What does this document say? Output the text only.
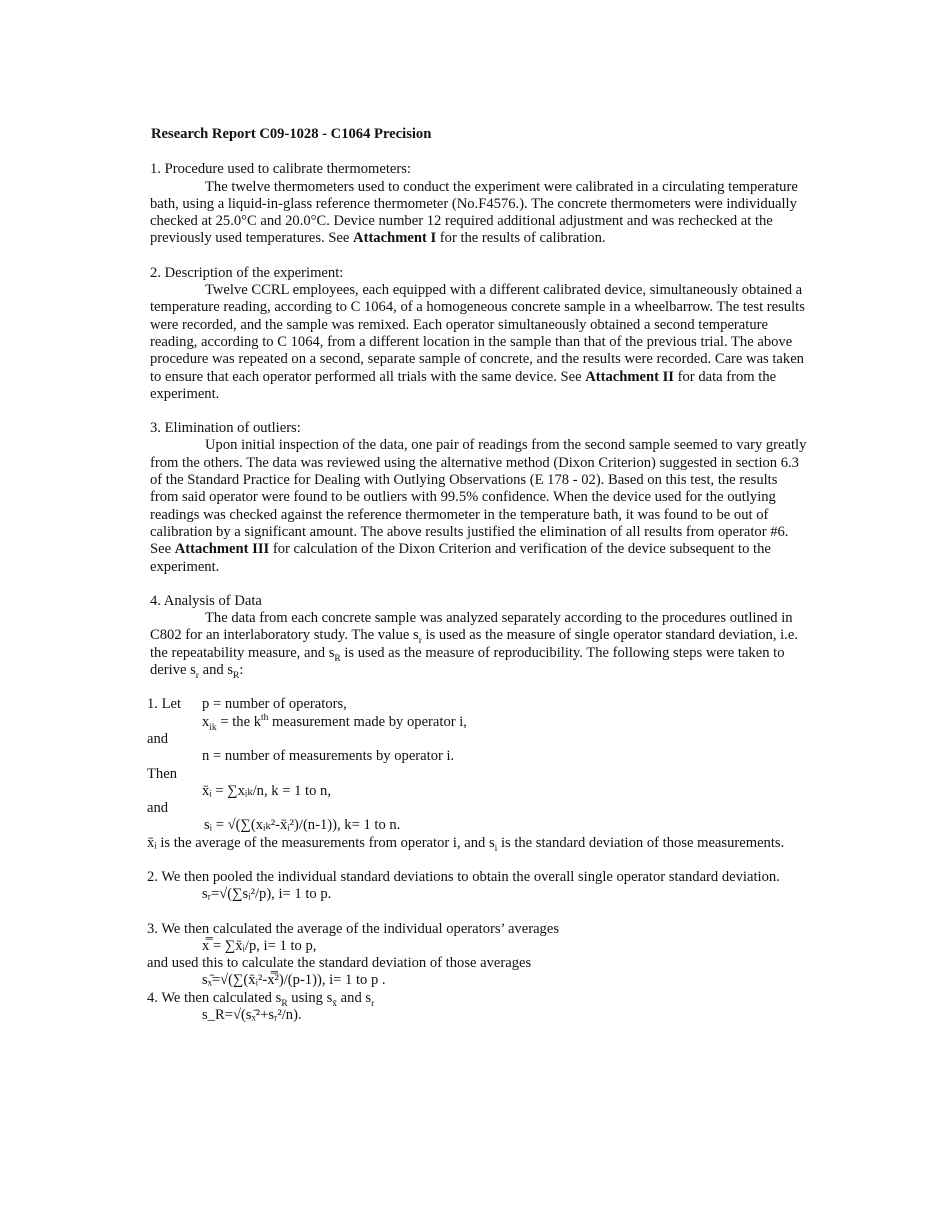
Research Report C09-1028 - C1064 Precision
1. Procedure used to calibrate thermometers:
The twelve thermometers used to conduct the experiment were calibrated in a circulating temperature bath, using a liquid-in-glass reference thermometer (No.F4576.). The concrete thermometers were individually checked at 25.0°C and 20.0°C. Device number 12 required additional adjustment and was rechecked at the previously used temperatures. See Attachment I for the results of calibration.
2. Description of the experiment:
Twelve CCRL employees, each equipped with a different calibrated device, simultaneously obtained a temperature reading, according to C 1064, of a homogeneous concrete sample in a wheelbarrow. The test results were recorded, and the sample was remixed. Each operator simultaneously obtained a second temperature reading, according to C 1064, from a different location in the sample than that of the previous trial. The above procedure was repeated on a second, separate sample of concrete, and the results were recorded. Care was taken to ensure that each operator performed all trials with the same device. See Attachment II for data from the experiment.
3. Elimination of outliers:
Upon initial inspection of the data, one pair of readings from the second sample seemed to vary greatly from the others. The data was reviewed using the alternative method (Dixon Criterion) suggested in section 6.3 of the Standard Practice for Dealing with Outlying Observations (E 178 - 02). Based on this test, the results from said operator were found to be outliers with 99.5% confidence. When the device used for the outlying readings was checked against the reference thermometer in the temperature bath, it was found to be out of calibration by a significant amount. The above results justified the elimination of all results from operator #6. See Attachment III for calculation of the Dixon Criterion and verification of the device subsequent to the experiment.
4. Analysis of Data
The data from each concrete sample was analyzed separately according to the procedures outlined in C802 for an interlaboratory study. The value $s_r$ is used as the measure of single operator standard deviation, i.e. the repeatability measure, and $s_R$ is used as the measure of reproducibility. The following steps were taken to derive $s_r$ and $s_R$:
1. Let p = number of operators,
$x_{ik}$ = the $k^{th}$ measurement made by operator i,
and
n = number of measurements by operator i.
Then
x̄ᵢ = ∑xᵢₖ/n, k = 1 to n,
and
sᵢ = √(∑(xᵢₖ²-x̄ᵢ²)/(n-1)), k= 1 to n.
x̄ᵢ is the average of the measurements from operator i, and $s_i$ is the standard deviation of those measurements.
2. We then pooled the individual standard deviations to obtain the overall single operator standard deviation.
sᵣ=√(∑sᵢ²/p), i= 1 to p.
3. We then calculated the average of the individual operators’ averages
x̿ = ∑x̄ᵢ/p, i= 1 to p,
and used this to calculate the standard deviation of those averages
sₓ̄=√(∑(x̄ᵢ²-x̿²)/(p-1)), i= 1 to p .
4. We then calculated $s_R$ using $s_{x̄}$ and $s_r$
s_R=√(sₓ̄²+sᵣ²/n).
